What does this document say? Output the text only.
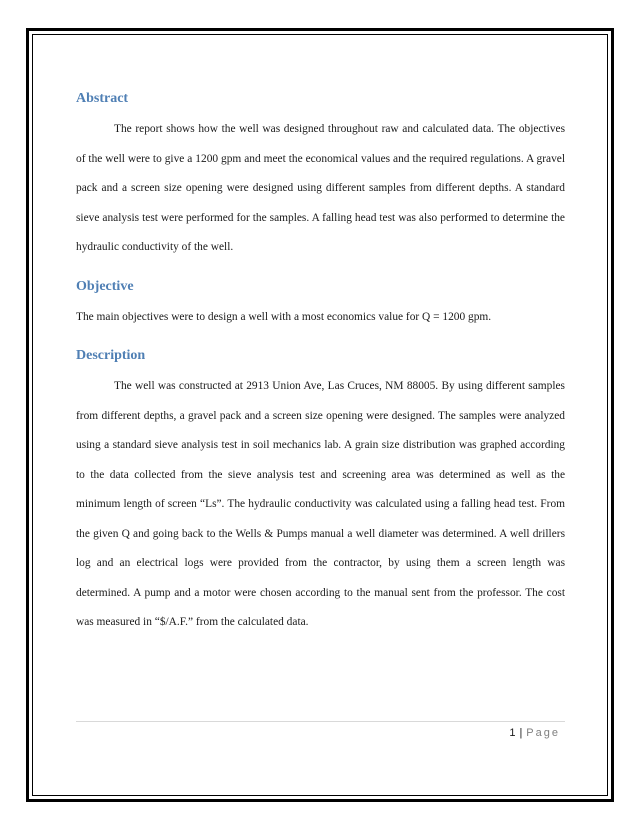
Abstract

The report shows how the well was designed throughout raw and calculated data. The objectives of the well were to give a 1200 gpm and meet the economical values and the required regulations. A gravel pack and a screen size opening were designed using different samples from different depths. A standard sieve analysis test were performed for the samples. A falling head test was also performed to determine the hydraulic conductivity of the well.

Objective

The main objectives were to design a well with a most economics value for Q = 1200 gpm.

Description

The well was constructed at 2913 Union Ave, Las Cruces, NM 88005. By using different samples from different depths, a gravel pack and a screen size opening were designed. The samples were analyzed using a standard sieve analysis test in soil mechanics lab. A grain size distribution was graphed according to the data collected from the sieve analysis test and screening area was determined as well as the minimum length of screen “Ls”. The hydraulic conductivity was calculated using a falling head test. From the given Q and going back to the Wells & Pumps manual a well diameter was determined. A well drillers log and an electrical logs were provided from the contractor, by using them a screen length was determined. A pump and a motor were chosen according to the manual sent from the professor. The cost was measured in “$/A.F.” from the calculated data.

1 | Page
